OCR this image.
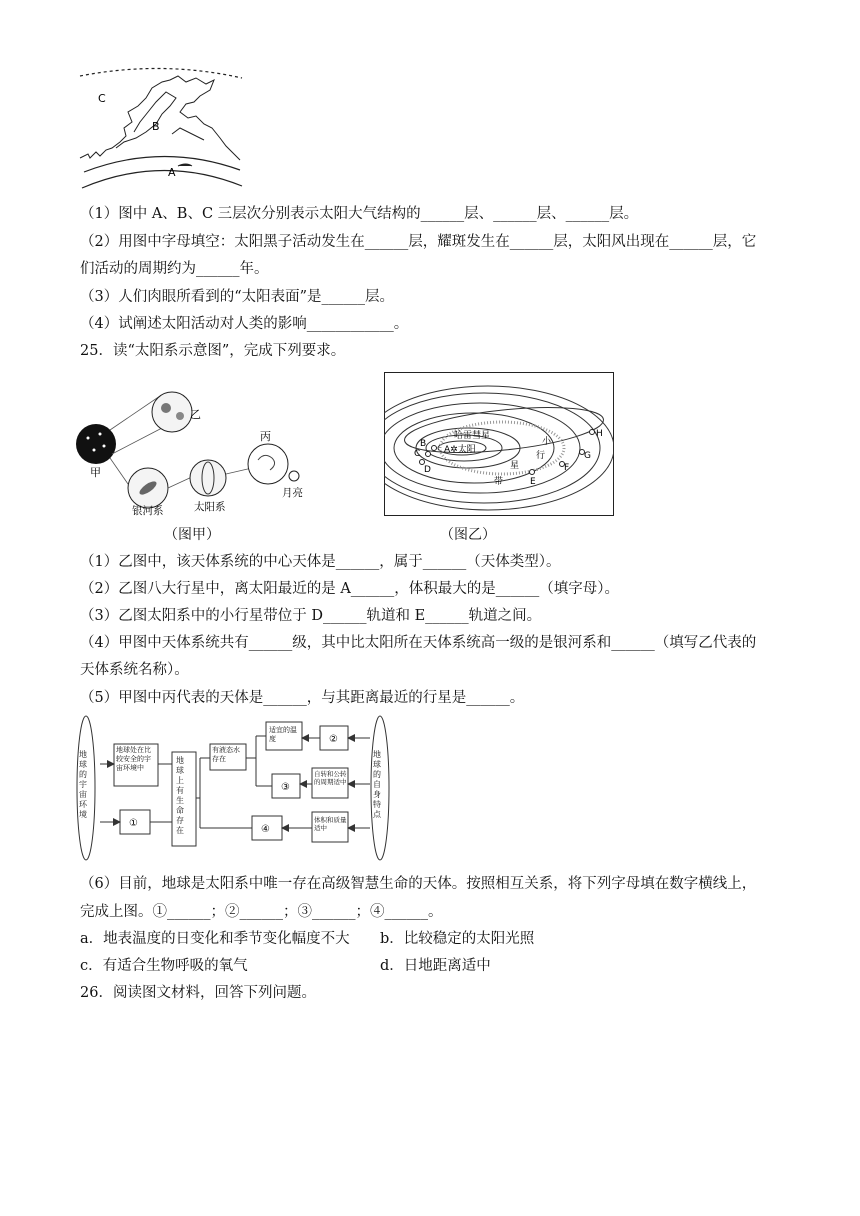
A
B
C
（1）图中 A、B、C 三层次分别表示太阳大气结构的______层、______层、______层。
（2）用图中字母填空：太阳黑子活动发生在______层，耀斑发生在______层，太阳风出现在______层，它
们活动的周期约为______年。
（3）人们肉眼所看到的“太阳表面”是______层。
（4）试阐述太阳活动对人类的影响____________。
25．读“太阳系示意图”，完成下列要求。
甲
乙
丙
银河系	太阳系
月亮
A✲太阳
哈雷彗星
B
C
D
E
F
G
H
小
行
星
带
（图甲）	（图乙）
（1）乙图中，该天体系统的中心天体是______，属于______（天体类型）。
（2）乙图八大行星中，离太阳最近的是 A______，体积最大的是______（填字母）。
（3）乙图太阳系中的小行星带位于 D______轨道和 E______轨道之间。
（4）甲图中天体系统共有______级，其中比太阳所在天体系统高一级的是银河系和______（填写乙代表的
天体系统名称）。
（5）甲图中丙代表的天体是______，与其距离最近的行星是______。
地球的宇宙环境
地球的自身特点
地球处在比较安全的宇宙环境中
地球上有生命存在
有液态水存在
适宜的温度
自转和公转的周期适中
体积和质量适中
①
②
③
④
（6）目前，地球是太阳系中唯一存在高级智慧生命的天体。按照相互关系，将下列字母填在数字横线上，
完成上图。①______；②______；③______；④______。
a．地表温度的日变化和季节变化幅度不大 b．比较稳定的太阳光照
c．有适合生物呼吸的氧气	d．日地距离适中
26．阅读图文材料，回答下列问题。
